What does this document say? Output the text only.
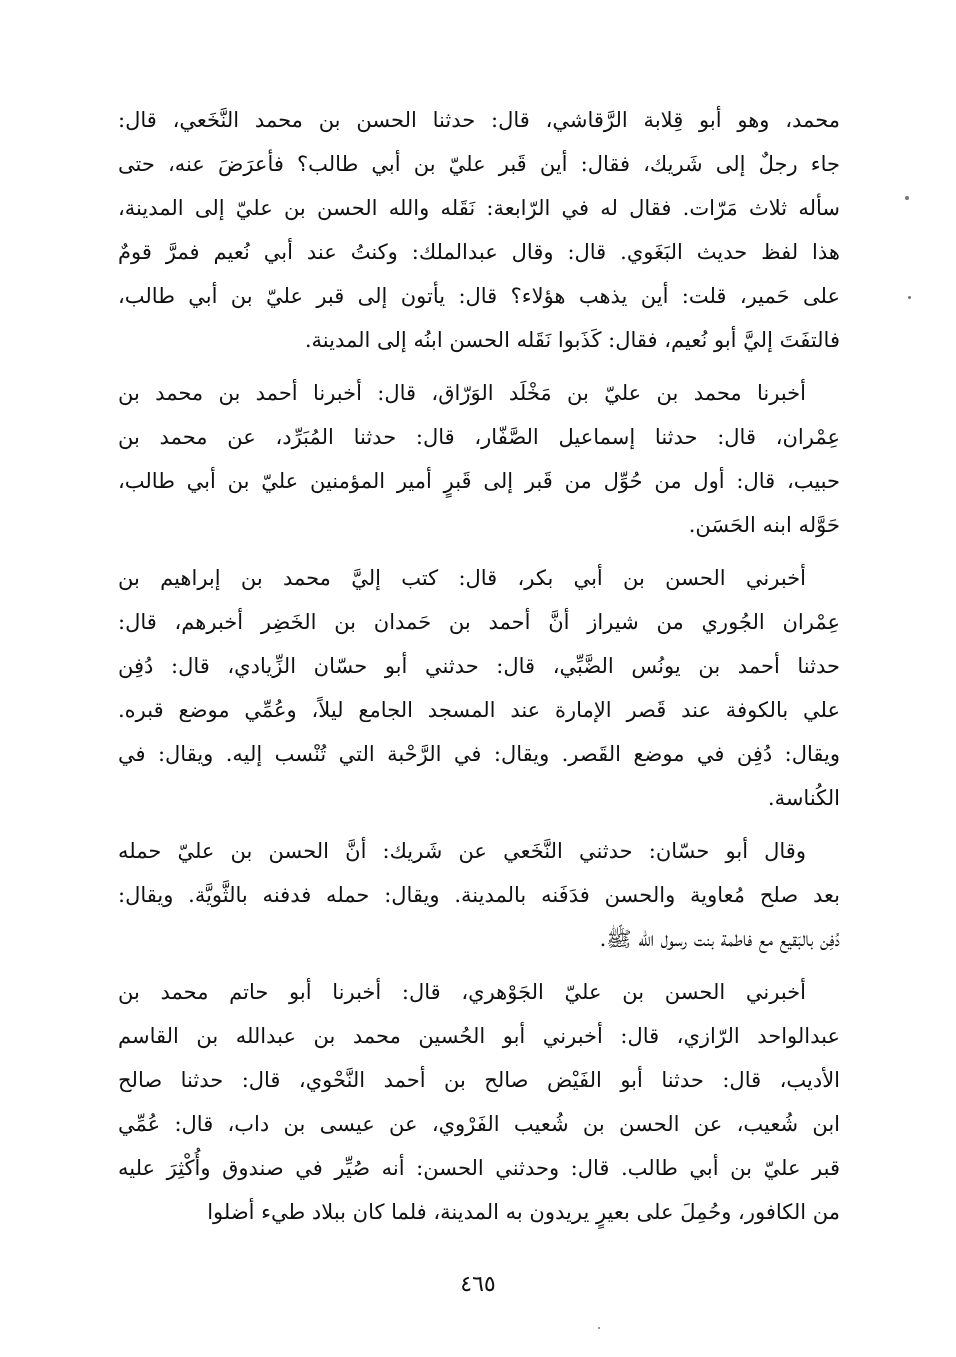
محمد، وهو أبو قِلابة الرَّقاشي، قال: حدثنا الحسن بن محمد النَّخَعي، قال:
جاء رجلٌ إلى شَريك، فقال: أين قَبر عليّ بن أبي طالب؟ فأعرَضَ عنه، حتى
سأله ثلاث مَرّات. فقال له في الرّابعة: نَقَله والله الحسن بن عليّ إلى المدينة،
هذا لفظ حديث البَغَوي. قال: وقال عبدالملك: وكنتُ عند أبي نُعيم فمرَّ قومٌ
على حَمير، قلت: أين يذهب هؤلاء؟ قال: يأتون إلى قبر عليّ بن أبي طالب،
فالتفَتَ إليَّ أبو نُعيم، فقال: كَذَبوا نَقَله الحسن ابنُه إلى المدينة.
أخبرنا محمد بن عليّ بن مَخْلَد الوَرّاق، قال: أخبرنا أحمد بن محمد بن
عِمْران، قال: حدثنا إسماعيل الصَّفّار، قال: حدثنا المُبَرِّد، عن محمد بن
حبيب، قال: أول من حُوِّل من قَبر إلى قَبرٍ أمير المؤمنين عليّ بن أبي طالب،
حَوَّله ابنه الحَسَن.
أخبرني الحسن بن أبي بكر، قال: كتب إليَّ محمد بن إبراهيم بن
عِمْران الجُوري من شيراز أنَّ أحمد بن حَمدان بن الخَضِر أخبرهم، قال:
حدثنا أحمد بن يونُس الضَّبِّي، قال: حدثني أبو حسّان الزِّيادي، قال: دُفِن
علي بالكوفة عند قَصر الإمارة عند المسجد الجامع ليلاً، وعُمِّي موضع قبره.
ويقال: دُفِن في موضع القَصر. ويقال: في الرَّحْبة التي تُنْسب إليه. ويقال: في
الكُناسة.
وقال أبو حسّان: حدثني النَّخَعي عن شَريك: أنَّ الحسن بن عليّ حمله
بعد صلح مُعاوية والحسن فدَفَنه بالمدينة. ويقال: حمله فدفنه بالثَّويَّة. ويقال:
دُفِن بالبَقيع مع فاطمة بنت رسول الله ﷺ.
أخبرني الحسن بن عليّ الجَوْهري، قال: أخبرنا أبو حاتم محمد بن
عبدالواحد الرّازي، قال: أخبرني أبو الحُسين محمد بن عبدالله بن القاسم
الأديب، قال: حدثنا أبو الفَيْض صالح بن أحمد النَّحْوي، قال: حدثنا صالح
ابن شُعيب، عن الحسن بن شُعيب الفَرْوي، عن عيسى بن داب، قال: عُمِّي
قبر عليّ بن أبي طالب. قال: وحدثني الحسن: أنه صُيِّر في صندوق وأُكْثِرَ عليه
من الكافور، وحُمِلَ على بعيرٍ يريدون به المدينة، فلما كان ببلاد طيء أضلوا
٤٦٥
